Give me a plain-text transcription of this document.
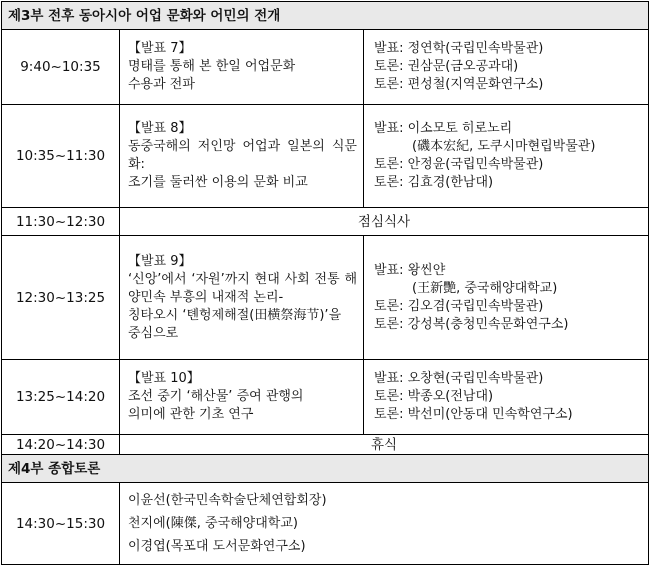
제3부 전후 동아시아 어업 문화와 어민의 전개		
9:40~10:35	【발표 7】
명태를 통해 본 한일 어업문화
수용과 전파	발표: 정연학(국립민속박물관)
토론: 권삼문(금오공과대)
토론: 편성철(지역문화연구소)

10:35~11:30	【발표 8】
동중국해의 저인망 어업과 일본의 식문화:
조기를 둘러싼 이용의 문화 비교	발표: 이소모토 히로노리
(磯本宏紀, 도쿠시마현립박물관)
토론: 안정윤(국립민속박물관)
토론: 김효경(한남대)

11:30~12:30	점심식사	
12:30~13:25	【발표 9】
‘신앙’에서 ‘자원’까지 현대 사회 전통 해양민속 부흥의 내재적 논리-
칭타오시 ‘톈헝제해절(田横祭海节)’을
중심으로	발표: 왕씬얀
(王新艷, 중국해양대학교)
토론: 김오겸(국립민속박물관)
토론: 강성복(충청민속문화연구소)

13:25~14:20	【발표 10】
조선 중기 ‘해산물’ 증여 관행의
의미에 관한 기초 연구	발표: 오창현(국립민속박물관)
토론: 박종오(전남대)
토론: 박선미(안동대 민속학연구소)

14:20~14:30	휴식	
제4부 종합토론		
14:30~15:30	이윤선(한국민속학술단체연합회장)
천지에(陳傑, 중국해양대학교)
이경엽(목포대 도서문화연구소)	
